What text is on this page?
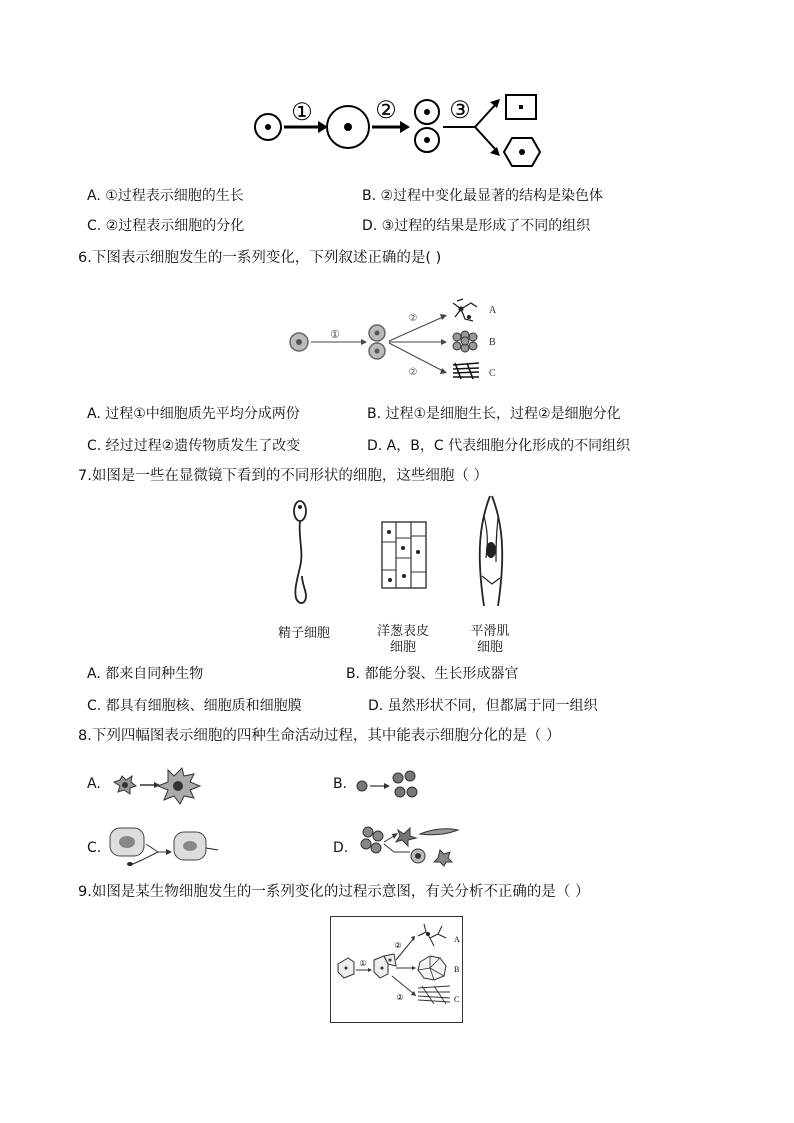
①	② ③
A. ①过程表示细胞的生长	B. ②过程中变化最显著的结构是染色体
C. ②过程表示细胞的分化	D. ③过程的结果是形成了不同的组织
6.下图表示细胞发生的一系列变化，下列叙述正确的是( )
①
②
②
A
B
C
A. 过程①中细胞质先平均分成两份	B. 过程①是细胞生长，过程②是细胞分化
C. 经过过程②遗传物质发生了改变	D. A，B，C 代表细胞分化形成的不同组织
7.如图是一些在显微镜下看到的不同形状的细胞，这些细胞（ ）
精子细胞	洋葱表皮
细胞
平滑肌
细胞
A. 都来自同种生物	B. 都能分裂、生长形成器官
C. 都具有细胞核、细胞质和细胞膜	D. 虽然形状不同，但都属于同一组织
8.下列四幅图表示细胞的四种生命活动过程，其中能表示细胞分化的是（ ）
A.	B.
C.	D.
9.如图是某生物细胞发生的一系列变化的过程示意图，有关分析不正确的是（ ）
①
②
②
A
B
C
